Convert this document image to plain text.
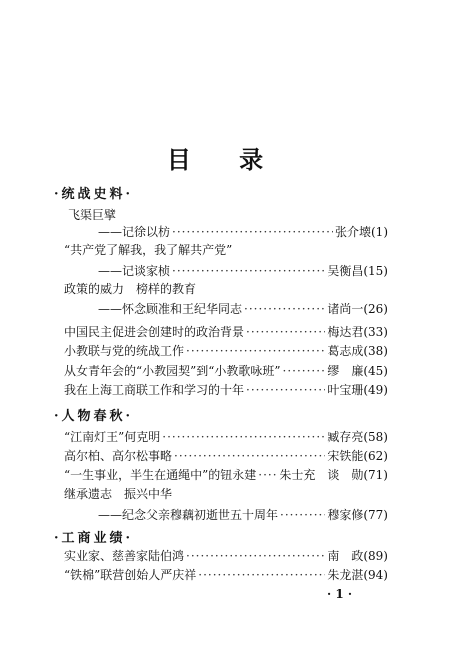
目 录
·统战史料·
飞渠巨擘
——记徐以枋 ·····	张介壊 (1)
“共产党了解我，我了解共产党”
——记谈家桢 ·····	吴衡昌 (15)
政策的威力　榜样的教育
——怀念顾准和王纪华同志 ·····	诸尚一 (26)
中国民主促进会创建时的政治背景 ·····	梅达君 (33)
小教联与党的统战工作 ·····	葛志成 (38)
从女青年会的“小教园契”到“小教歌咏班” ·····	缪　廉 (45)
我在上海工商联工作和学习的十年 ·····	叶宝珊 (49)
·人物春秋·
“江南灯王”何克明 ·····	臧存亮 (58)
高尔柏、高尔松事略 ·····	宋铁能 (62)
“一生事业，半生在通绳中”的钮永建 ····· 朱士充　谈　勋 (71)
继承遗志　振兴中华
——纪念父亲穆藕初逝世五十周年 ·····	穆家修 (77)
·工商业绩·
实业家、慈善家陆伯鸿 ·····	南　政 (89)
“铁棉”联营创始人严庆祥 ·····	朱龙湛 (94)
· 1 ·
